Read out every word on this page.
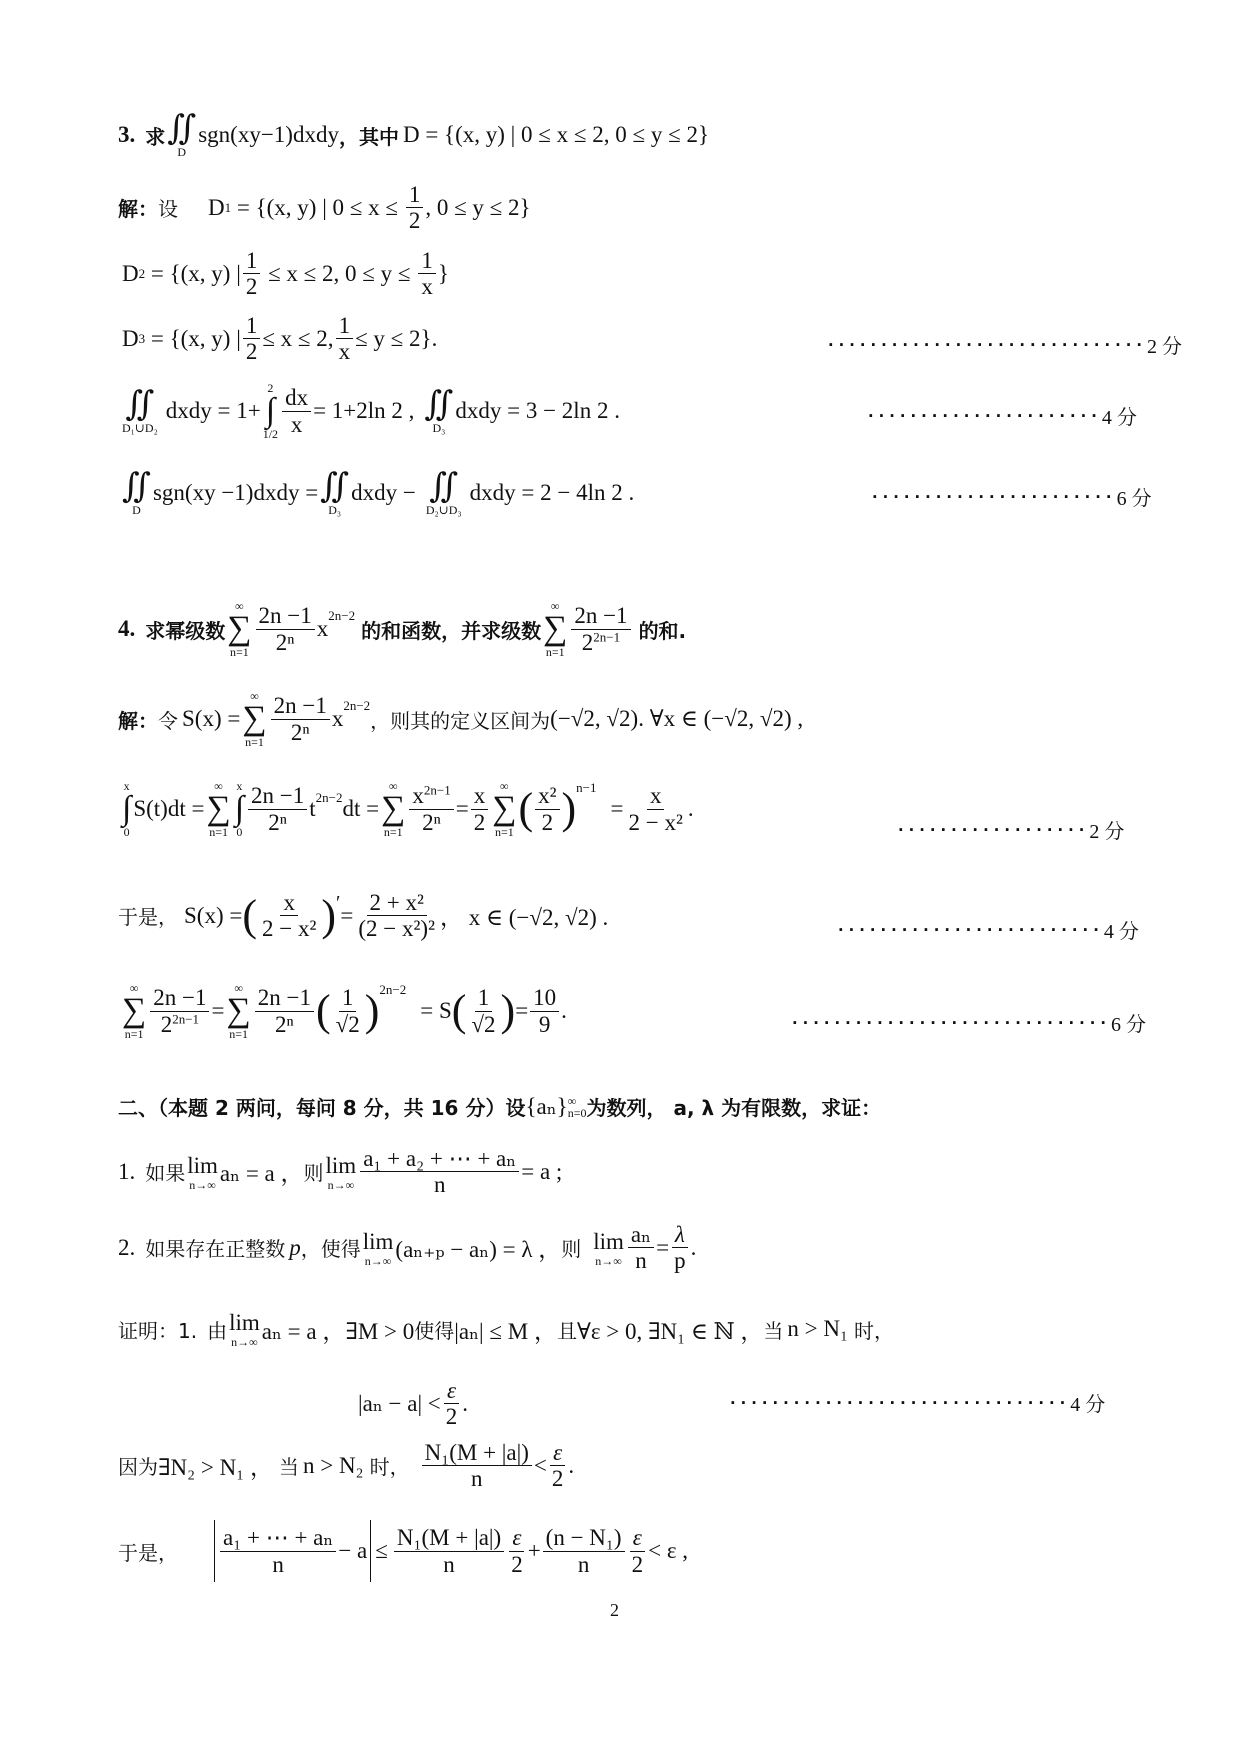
3. 求 ∬
D
sgn(xy−1)dxdy ，其中 D = {(x, y) | 0 ≤ x ≤ 2, 0 ≤ y ≤ 2}
解： 设 D 1 = {(x, y) | $0 \le x \le \frac{1}{2}$ , 0 ≤ y ≤ 2}
D 2 = {(x, y) | $\frac{1}{2} \le x \le 2$, $0 \le y \le \frac{1}{x}$ }
D 3 = {(x, y) | $\frac{1}{2} \le x \le 2$, $\frac{1}{x} \le y \le 2$}.	······························ 2 分
∬
D₁∪D₂
dxdy = 1+
2
∫
$1/2 \frac{dx}{x} = 1+2\ln$ 2 , ∬
D₃
dxdy = 3 − 2ln 2 .	······················ 4 分
∬
D
sgn(xy −1)dxdy = ∬
D₃
dxdy − ∬
D₂∪D₃
dxdy = 2 − 4ln 2 .	······················· 6 分
4. 求幂级数
∞
∑
$n=1 \frac{2n -1}{\text{2ⁿ}}$ x
$^{2n-2}$
的和函数，并求级数
∞
∑
$n=1 \frac{2n -1}{2^{2n-1}}$ 的和.
解： 令 S(x) =
∞
∑
$n=1 \frac{2n -1}{\text{2ⁿ}}$ x
$^{2n-2}$
，则其的定义区间为 (−√2, √2) . ∀x ∈ (−√2, √2) ,
x
∫
0
S(t)dt =
∞
∑
n=1
x
∫
$0 \frac{2n -1}{\text{2ⁿ}} t^{2n-2}$ dt =
∞
∑
$n=1 \frac{x^{2n-1}}{\text{2ⁿ}} = \frac{x}{2}$ ∞
∑
n=1 ( $\frac{\text{x²}}{2} )^{n-1}$
= $\frac{x}{\text{2 − x²}}$ .
·················· 2 分
于是， S(x) = ( $\frac{x}{\text{2 − x²}}$ ) ′ = $\frac{\text{2 + x²}}{\text{(2 − x²)²}}$ ， x ∈ (−√2, √2) .	························· 4 分
∞
∑
$n=1 \frac{2n -1}{2^{2n-1}}$ =
∞
∑
$n=1 \frac{2n -1}{\text{2ⁿ}}$ ( $\frac{1}{√2} )^{2n-2}$
= S ( $\frac{1}{√2}$ ) = $\frac{10}{9}$ .	······························ 6 分
二、（本题 2 两问，每问 8 分，共 16 分）设 {aₙ} ∞
n=0 为数列， a, λ 为有限数，求证：
1. 如果 lim
n→∞ aₙ = a ， 则 lim
$n\to\infty \frac{\text{a₁ + a₂ + ⋯ + aₙ}}{n} = a$ ;
2. 如果存在正整数 p ，使得 lim
n→∞ (aₙ₊ₚ − aₙ) = λ ， 则 lim
$n\to\infty \frac{\text{aₙ}}{n} = \frac{\lambda}{p}$ .
证明：1. 由 lim
n→∞ aₙ = a ，∃M > 0 使得 |aₙ| ≤ M ， 且 ∀ε > 0, ∃N₁ ∈ ℕ ， 当 n > N₁ 时，
$|a_n - a| < \frac{\varepsilon}{2}$ .	································ 4 分
因为 ∃N₂ > N₁ ， 当 n > N₂ 时， $\frac{\text{N₁(M + |a|)}}{n} < \frac{\varepsilon}{2}$ .
于是， $\frac{\text{a₁ + ⋯ + aₙ}}{n} - a \le \frac{\text{N₁(M + |a|)}}{n} \frac{\varepsilon}{2} + \frac{\text{(n − N₁)}}{n} \frac{\varepsilon}{2} < \varepsilon$ ,
2
